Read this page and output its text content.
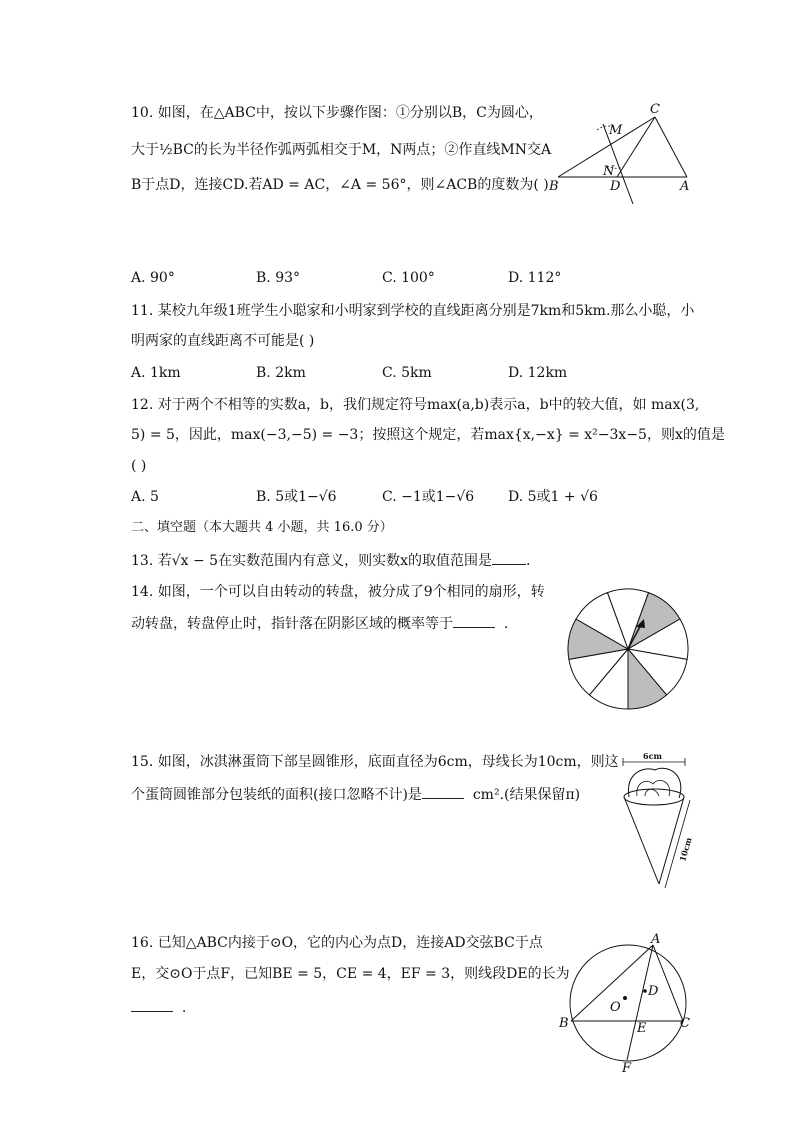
10. 如图，在△ABC中，按以下步骤作图：①分别以B，C为圆心，
大于½BC的长为半径作弧两弧相交于M，N两点；②作直线MN交A
B于点D，连接CD.若AD = AC，∠A = 56°，则∠ACB的度数为( )
C
M
N
B	D	A
A. 90°	B. 93°	C. 100°	D. 112°
11. 某校九年级1班学生小聪家和小明家到学校的直线距离分别是7km和5km.那么小聪，小
明两家的直线距离不可能是( )
A. 1km	B. 2km	C. 5km	D. 12km
12. 对于两个不相等的实数a，b，我们规定符号max(a,b)表示a，b中的较大值，如 max(3,
5) = 5，因此，max(−3,−5) = −3；按照这个规定，若max{x,−x} = x²−3x−5，则x的值是
( )
A. 5	B. 5或1−√6	C. −1或1−√6 D. 5或1 + √6
二、填空题（本大题共 4 小题，共 16.0 分）
13. 若√x − 5在实数范围内有意义，则实数x的取值范围是 .
14. 如图，一个可以自由转动的转盘，被分成了9个相同的扇形，转
动转盘，转盘停止时，指针落在阴影区域的概率等于	.
15. 如图，冰淇淋蛋筒下部呈圆锥形，底面直径为6cm，母线长为10cm，则这
个蛋筒圆锥部分包装纸的面积(接口忽略不计)是	cm².(结果保留π)
6cm
10cm
16. 已知△ABC内接于⊙O，它的内心为点D，连接AD交弦BC于点
E，交⊙O于点F，已知BE = 5，CE = 4，EF = 3，则线段DE的长为
.
A
D
O
B	E	C
F
